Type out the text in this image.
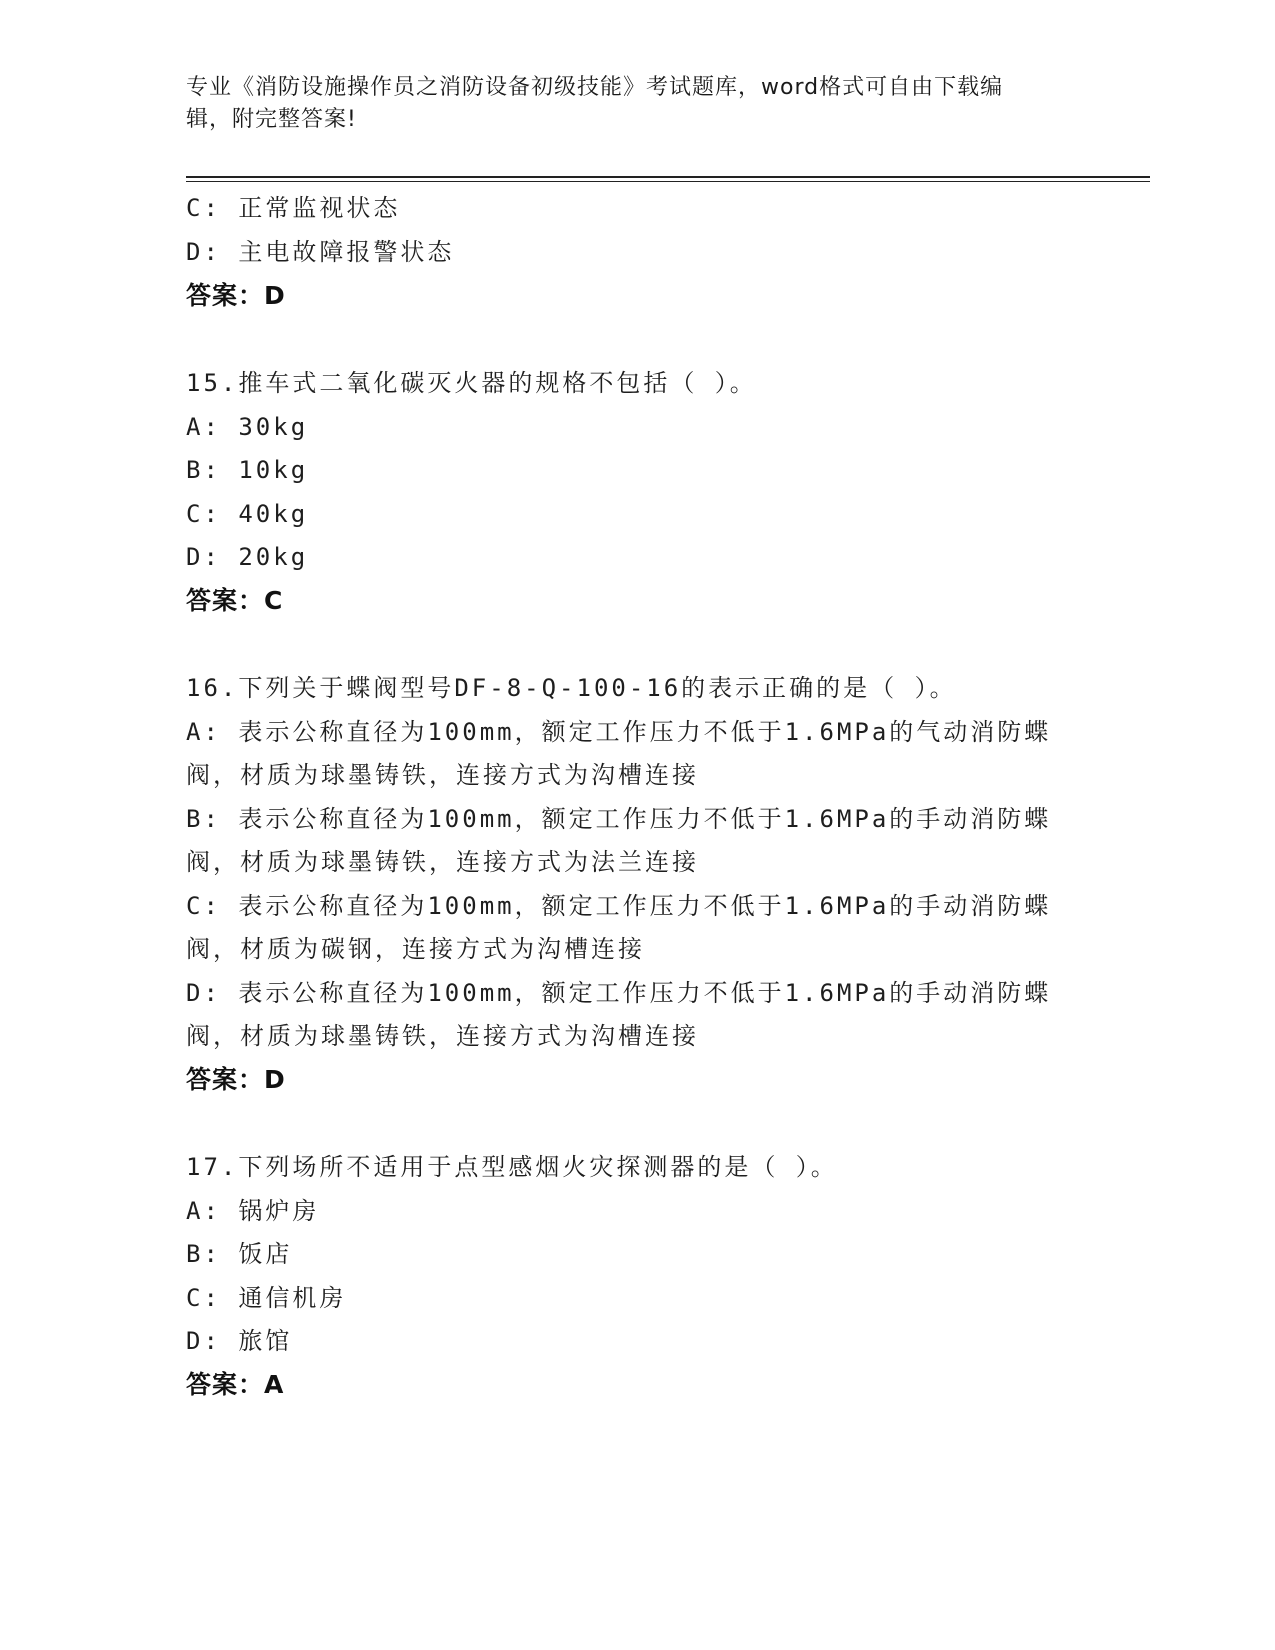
专业《消防设施操作员之消防设备初级技能》考试题库，word格式可自由下载编
辑，附完整答案!
C: 正常监视状态
D: 主电故障报警状态
答案：D
15.推车式二氧化碳灭火器的规格不包括（ ）。
A: 30kg
B: 10kg
C: 40kg
D: 20kg
答案：C
16.下列关于蝶阀型号DF-8-Q-100-16的表示正确的是（ ）。
A: 表示公称直径为100mm，额定工作压力不低于1.6MPa的气动消防蝶
阀，材质为球墨铸铁，连接方式为沟槽连接
B: 表示公称直径为100mm，额定工作压力不低于1.6MPa的手动消防蝶
阀，材质为球墨铸铁，连接方式为法兰连接
C: 表示公称直径为100mm，额定工作压力不低于1.6MPa的手动消防蝶
阀，材质为碳钢，连接方式为沟槽连接
D: 表示公称直径为100mm，额定工作压力不低于1.6MPa的手动消防蝶
阀，材质为球墨铸铁，连接方式为沟槽连接
答案：D
17.下列场所不适用于点型感烟火灾探测器的是（ ）。
A: 锅炉房
B: 饭店
C: 通信机房
D: 旅馆
答案：A
